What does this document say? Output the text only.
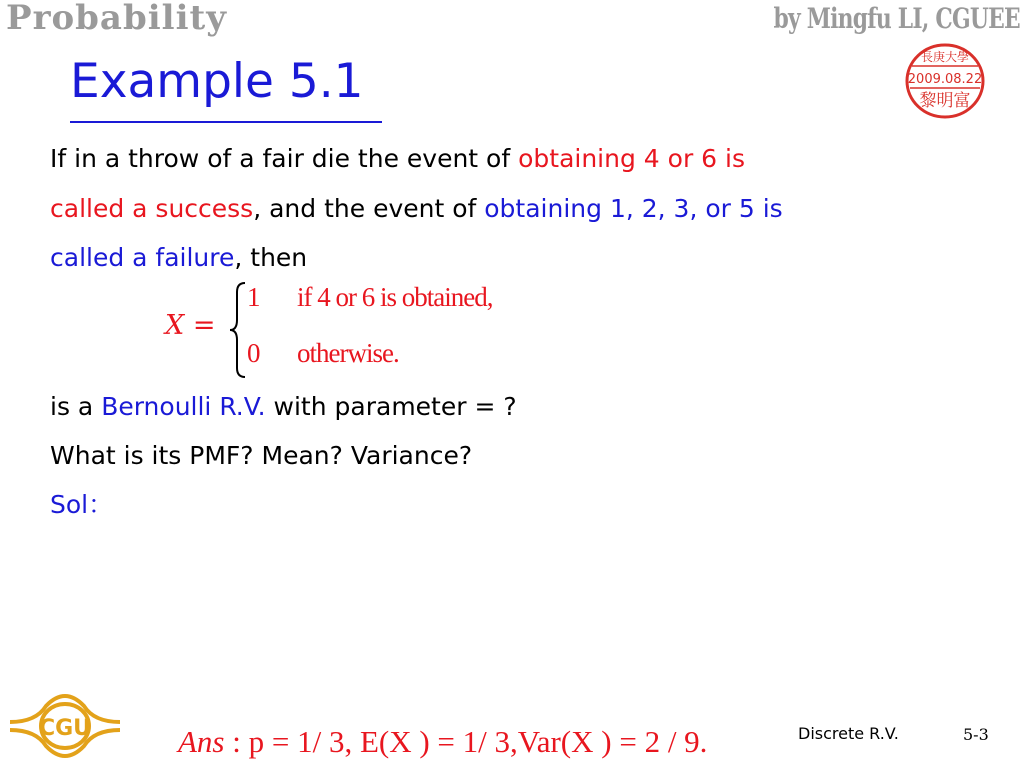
Probability	by Mingfu LI, CGUEE
長庚大學
2009.08.22
黎明富
Example 5.1
If in a throw of a fair die the event of obtaining 4 or 6 is
called a success, and the event of obtaining 1, 2, 3, or 5 is
called a failure, then
X =
1 if 4 or 6 is obtained,
0 otherwise.
is a Bernoulli R.V. with parameter = ?
What is its PMF? Mean? Variance?
Sol：
CGU	Ans : p = 1/ 3, E(X ) = 1/ 3,Var(X ) = 2 / 9.	Discrete R.V.	5-3
